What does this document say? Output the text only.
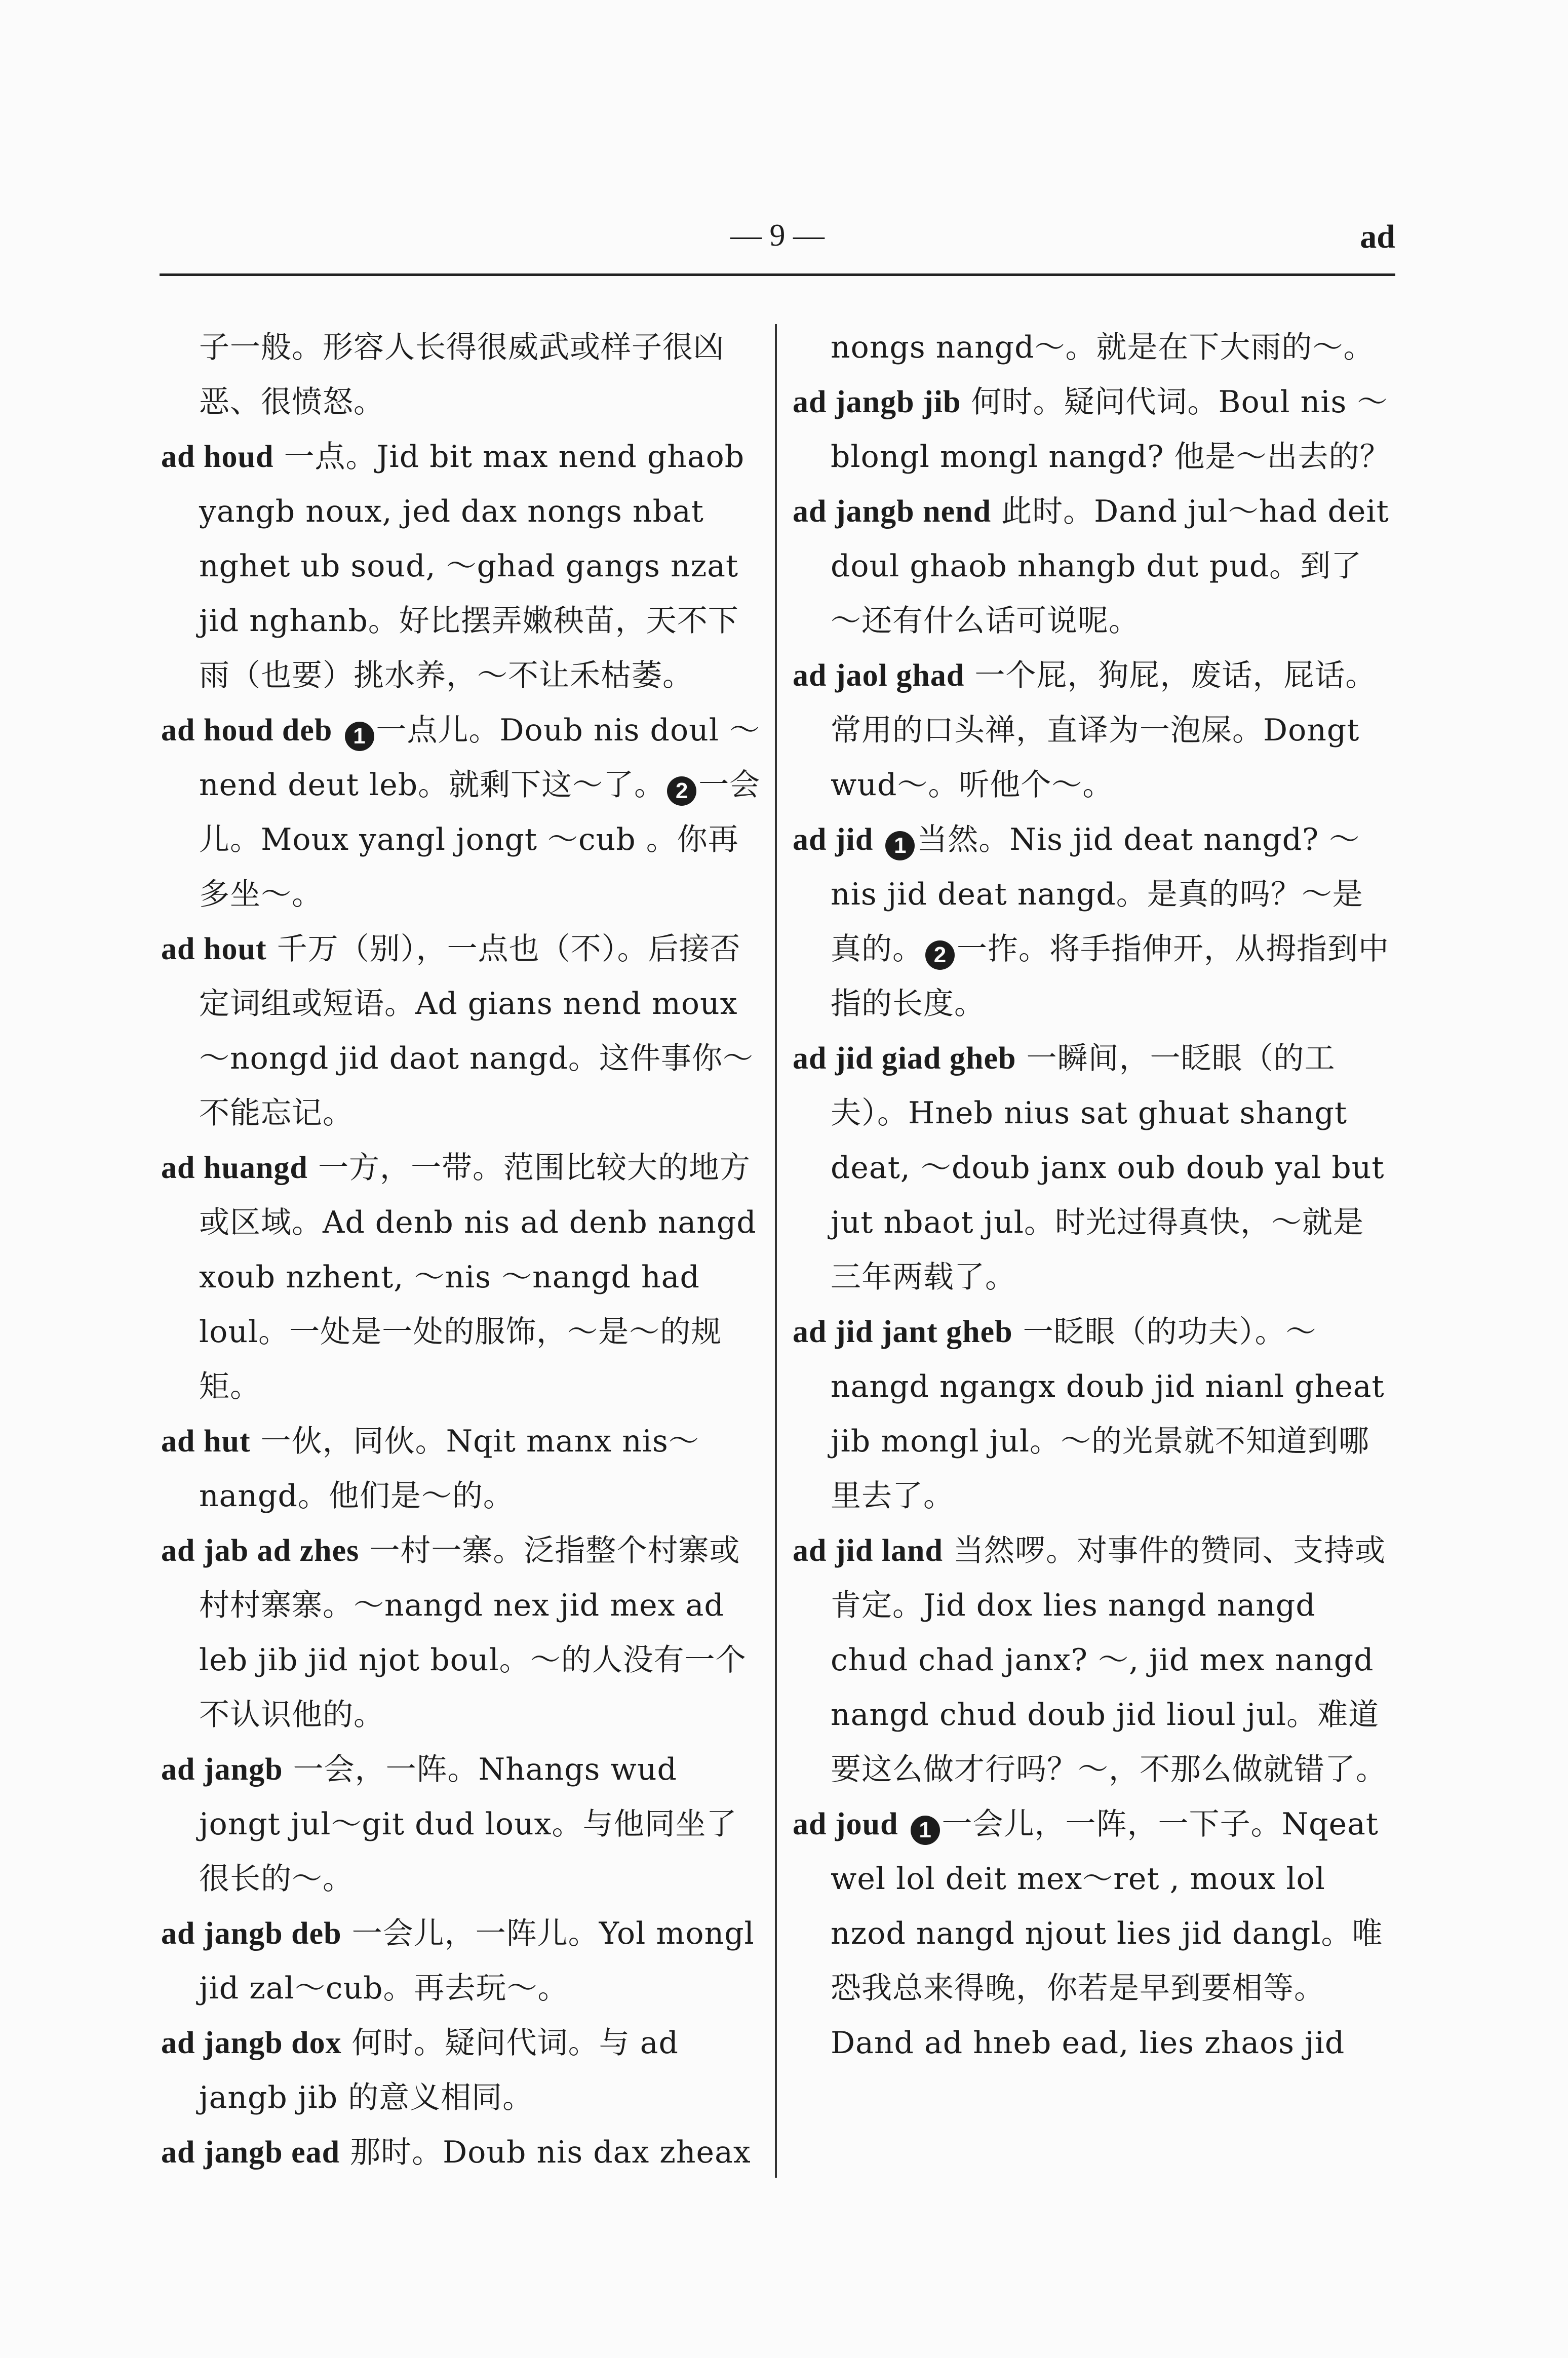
— 9 —	ad

子一般。形容人长得很威武或样子很凶恶、很愤怒。

ad houd 一点。Jid bit max nend ghaob yangb noux, jed dax nongs nbat nghet ub soud, ～ghad gangs nzat jid nghanb。好比摆弄嫩秧苗，天不下雨（也要）挑水养，～不让禾枯萎。

ad houd deb 1 一点儿。Doub nis doul ～nend deut leb。就剩下这～了。 2 一会儿。Moux yangl jongt ～cub 。你再多坐～。

ad hout 千万（别），一点也（不）。后接否定词组或短语。Ad gians nend moux～nongd jid daot nangd。这件事你～不能忘记。

ad huangd 一方，一带。范围比较大的地方或区域。Ad denb nis ad denb nangd xoub nzhent, ～nis ～nangd had loul。一处是一处的服饰，～是～的规矩。

ad hut 一伙，同伙。Nqit manx nis～nangd。他们是～的。

ad jab ad zhes 一村一寨。泛指整个村寨或村村寨寨。～nangd nex jid mex ad leb jib jid njot boul。～的人没有一个不认识他的。

ad jangb 一会，一阵。Nhangs wud jongt jul～git dud loux。与他同坐了很长的～。

ad jangb deb 一会儿，一阵儿。Yol mongl jid zal～cub。再去玩～。

ad jangb dox 何时。疑问代词。与 ad jangb jib 的意义相同。

ad jangb ead 那时。Doub nis dax zheax

nongs nangd～。就是在下大雨的～。

ad jangb jib 何时。疑问代词。Boul nis ～blongl mongl nangd? 他是～出去的？

ad jangb nend 此时。Dand jul～had deit doul ghaob nhangb dut pud。到了～还有什么话可说呢。

ad jaol ghad 一个屁，狗屁，废话，屁话。常用的口头禅，直译为一泡屎。Dongt wud～。听他个～。

ad jid 1 当然。Nis jid deat nangd? ～nis jid deat nangd。是真的吗？～是真的。 2 一拃。将手指伸开，从拇指到中指的长度。

ad jid giad gheb 一瞬间，一眨眼（的工夫）。Hneb nius sat ghuat shangt deat, ～doub janx oub doub yal but jut nbaot jul。时光过得真快，～就是三年两载了。

ad jid jant gheb 一眨眼（的功夫）。～nangd ngangx doub jid nianl gheat jib mongl jul。～的光景就不知道到哪里去了。

ad jid land 当然啰。对事件的赞同、支持或肯定。Jid dox lies nangd nangd chud chad janx? ～, jid mex nangd nangd chud doub jid lioul jul。难道要这么做才行吗？～，不那么做就错了。

ad joud 1 一会儿，一阵，一下子。Nqeat wel lol deit mex～ret , moux lol nzod nangd njout lies jid dangl。唯恐我总来得晚，你若是早到要相等。Dand ad hneb ead, lies zhaos jid
